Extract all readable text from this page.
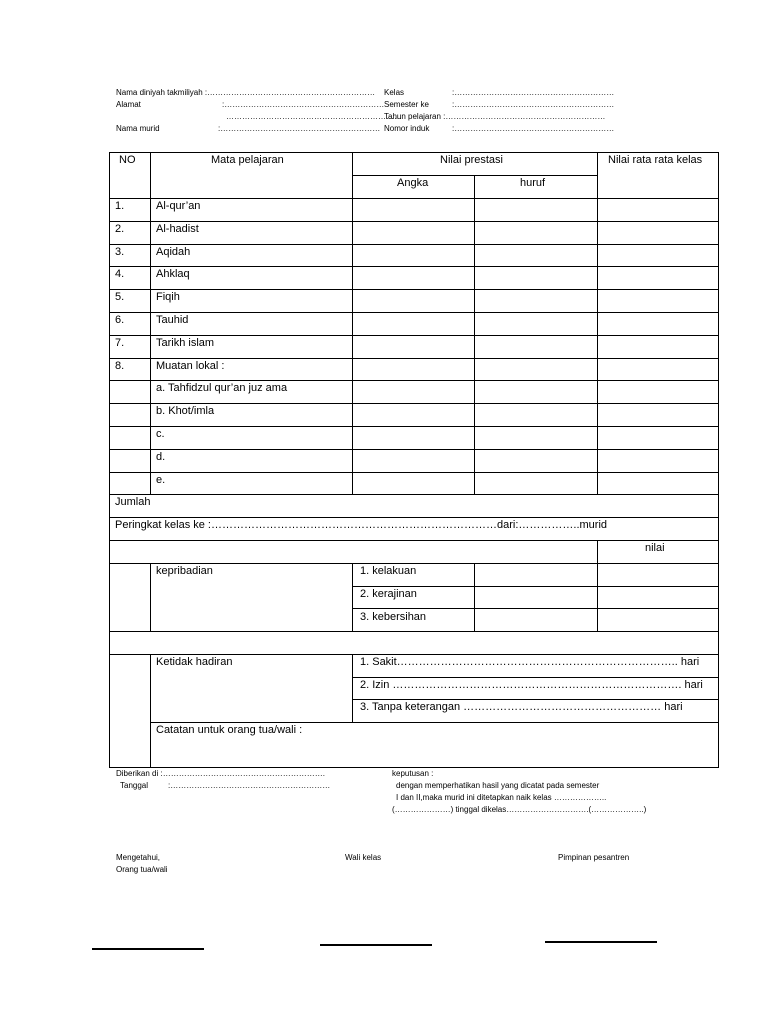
Nama diniyah takmiliyah :……………………………………………………… Kelas	:……………………………………………………
Alamat	:…………………………………………………… Semester ke	:……………………………………………………
…………………………………………………………
Tahun pelajaran :……………………………………………………
Nama murid	:…………………………………………………… Nomor induk	:……………………………………………………
NO	Mata pelajaran	Nilai prestasi	Nilai rata rata kelas
Angka	huruf
1.	Al-qur’an
2.	Al-hadist
3.	Aqidah
4.	Ahklaq
5.	Fiqih
6.	Tauhid
7.	Tarikh islam
8.	Muatan lokal :
a. Tahfidzul qur’an juz ama
b. Khot/imla
c.
d.
e.
Jumlah
Peringkat kelas ke :……………………………………………………………………dari:……………..murid
nilai
kepribadian	1. kelakuan
2. kerajinan
3. kebersihan
Ketidak hadiran	1. Sakit………………………………………………………………….. hari
2. Izin ……………………………………………………………………. hari
3. Tanpa keterangan ……………………………………………… hari
Catatan untuk orang tua/wali :
Diberikan di :…………………………………………………….
Tanggal :……………………………………………………
keputusan :
dengan memperhatikan hasil yang dicatat pada semester
I dan II,maka murid ini ditetapkan naik kelas ………………..
(…………………) tinggal dikelas………………………….(………………..)
Mengetahui,
Orang tua/wali
Wali kelas	Pimpinan pesantren
